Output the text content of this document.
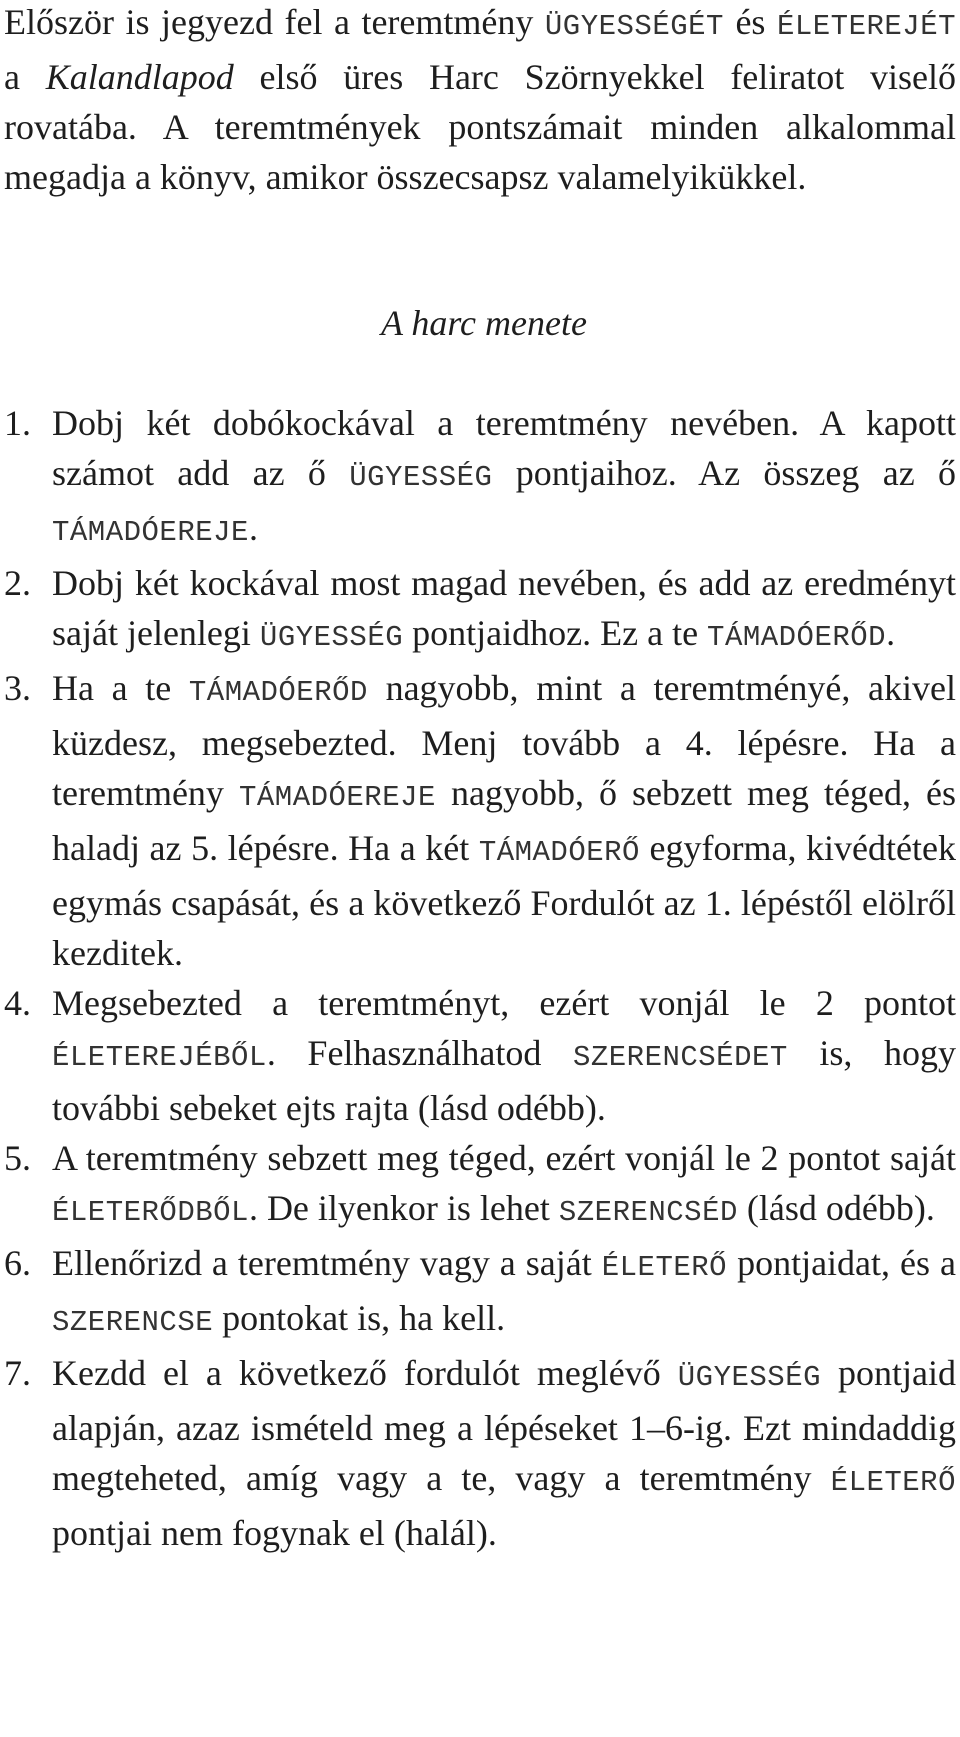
Először is jegyezd fel a teremtmény ÜGYESSÉGÉT és ÉLETEREJÉT a Kalandlapod első üres Harc Szörnyekkel feliratot viselő rovatába. A teremtmények pontszámait minden alkalommal megadja a könyv, amikor összecsapsz valamelyikükkel.

A harc menete
1. Dobj két dobókockával a teremtmény nevében. A kapott számot add az ő ÜGYESSÉG pontjaihoz. Az összeg az ő TÁMADÓEREJE.
2. Dobj két kockával most magad nevében, és add az eredményt saját jelenlegi ÜGYESSÉG pontjaidhoz. Ez a te TÁMADÓERŐD.
3. Ha a te TÁMADÓERŐD nagyobb, mint a teremtményé, akivel küzdesz, megsebezted. Menj tovább a 4. lépésre. Ha a teremtmény TÁMADÓEREJE nagyobb, ő sebzett meg téged, és haladj az 5. lépésre. Ha a két TÁMADÓERŐ egyforma, kivédtétek egymás csapását, és a következő Fordulót az 1. lépéstől elölről kezditek.
4. Megsebezted a teremtményt, ezért vonjál le 2 pontot ÉLETEREJÉBŐL. Felhasználhatod SZERENCSÉDET is, hogy további sebeket ejts rajta (lásd odébb).
5. A teremtmény sebzett meg téged, ezért vonjál le 2 pontot saját ÉLETERŐDBŐL. De ilyenkor is lehet SZERENCSÉD (lásd odébb).
6. Ellenőrizd a teremtmény vagy a saját ÉLETERŐ pontjaidat, és a SZERENCSE pontokat is, ha kell.
7. Kezdd el a következő fordulót meglévő ÜGYESSÉG pontjaid alapján, azaz ismételd meg a lépéseket 1–6-ig. Ezt mindaddig megteheted, amíg vagy a te, vagy a teremtmény ÉLETERŐ pontjai nem fogynak el (halál).
